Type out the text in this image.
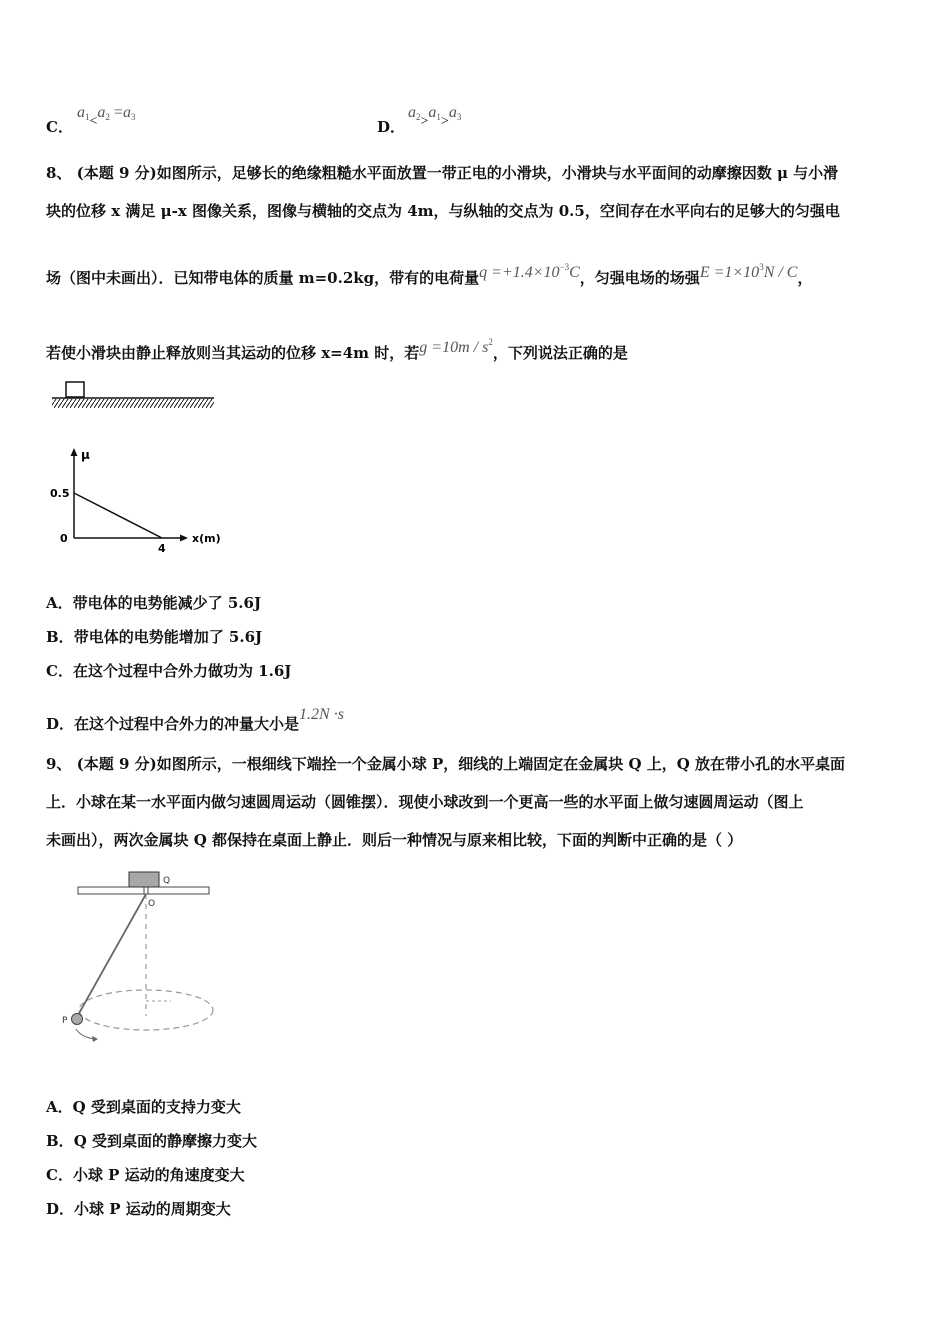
C．
$a_1<a_2 =a_3$
D．
$a_2>a_1>a_3$
8、 (本题 9 分)如图所示，足够长的绝缘粗糙水平面放置一带正电的小滑块，小滑块与水平面间的动摩擦因数 μ 与小滑
块的位移 x 满足 μ-x 图像关系，图像与横轴的交点为 4m，与纵轴的交点为 0.5，空间存在水平向右的足够大的匀强电
场（图中未画出）．已知带电体的质量 m=0.2kg，带有的电荷量$q =+1.4\times 10^{-3}C$，匀强电场的场强$E =1\times 10^3N / C$，
若使小滑块由静止释放则当其运动的位移 x=4m 时，若$g =10m / s^2$，下列说法正确的是
μ
x(m)
0.5
0
4
A．带电体的电势能减少了 5.6J
B．带电体的电势能增加了 5.6J
C．在这个过程中合外力做功为 1.6J
D．在这个过程中合外力的冲量大小是1.2N ·s
9、 (本题 9 分)如图所示，一根细线下端拴一个金属小球 P，细线的上端固定在金属块 Q 上，Q 放在带小孔的水平桌面
上．小球在某一水平面内做匀速圆周运动（圆锥摆）．现使小球改到一个更高一些的水平面上做匀速圆周运动（图上
未画出），两次金属块 Q 都保持在桌面上静止．则后一种情况与原来相比较，下面的判断中正确的是（ ）
Q
O
P
A．Q 受到桌面的支持力变大
B．Q 受到桌面的静摩擦力变大
C．小球 P 运动的角速度变大
D．小球 P 运动的周期变大
